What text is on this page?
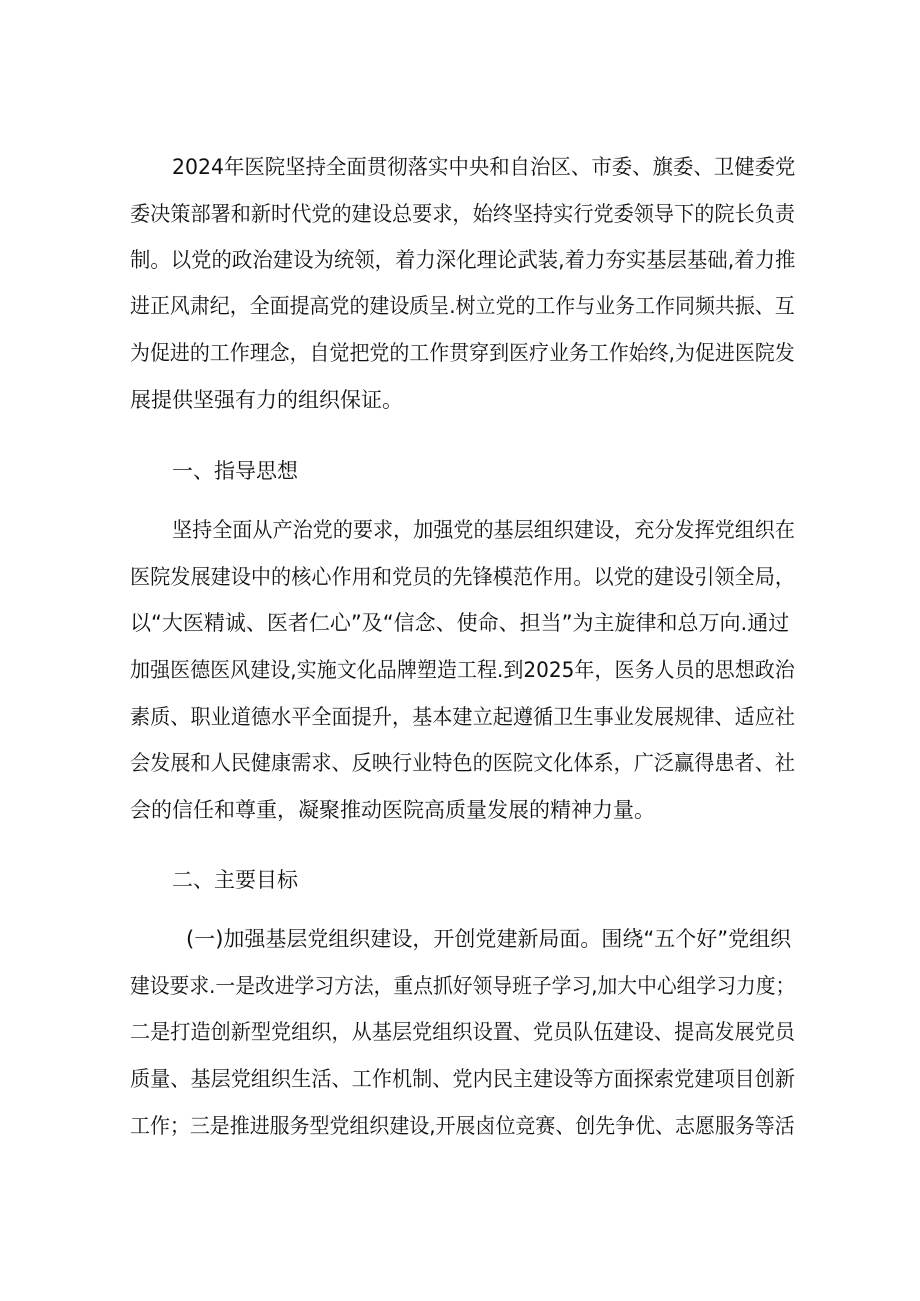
2024年医院坚持全面贯彻落实中央和自治区、市委、旗委、卫健委党
委决策部署和新时代党的建设总要求，始终坚持实行党委领导下的院长负责
制。以党的政治建设为统领，着力深化理论武装,着力夯实基层基础,着力推
进正风肃纪，全面提高党的建设质呈.树立党的工作与业务工作同频共振、互
为促进的工作理念，自觉把党的工作贯穿到医疗业务工作始终,为促进医院发
展提供坚强有力的组织保证。
一、指导思想
坚持全面从产治党的要求，加强党的基层组织建设，充分发挥党组织在
医院发展建设中的核心作用和党员的先锋模范作用。以党的建设引领全局，
以“大医精诚、医者仁心”及“信念、使命、担当”为主旋律和总万向.通过
加强医德医风建设,实施文化品牌塑造工程.到2025年，医务人员的思想政治
素质、职业道德水平全面提升，基本建立起遵循卫生事业发展规律、适应社
会发展和人民健康需求、反映行业特色的医院文化体系，广泛赢得患者、社
会的信任和尊重，凝聚推动医院高质量发展的精神力量。
二、主要目标
(一)加强基层党组织建设，开创党建新局面。围绕“五个好”党组织
建设要求.一是改进学习方法，重点抓好领导班子学习,加大中心组学习力度；
二是打造创新型党组织，从基层党组织设置、党员队伍建设、提高发展党员
质量、基层党组织生活、工作机制、党内民主建设等方面探索党建项目创新
工作；三是推进服务型党组织建设,开展卤位竞赛、创先争优、志愿服务等活
